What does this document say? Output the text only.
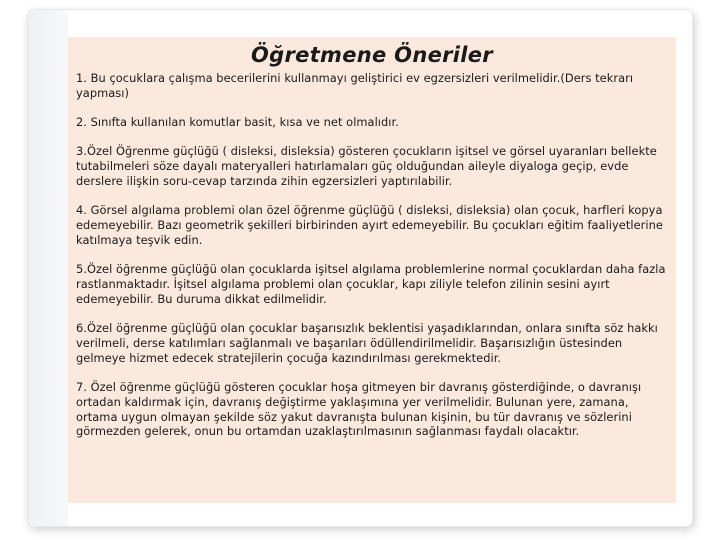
Öğretmene Öneriler

1. Bu çocuklara çalışma becerilerini kullanmayı geliştirici ev egzersizleri verilmelidir.(Ders tekrarı yapması)

2. Sınıfta kullanılan komutlar basit, kısa ve net olmalıdır.

3.Özel Öğrenme güçlüğü ( disleksi, disleksia) gösteren çocukların işitsel ve görsel uyaranları bellekte tutabilmeleri söze dayalı materyalleri hatırlamaları güç olduğundan aileyle diyaloga geçip, evde derslere ilişkin soru-cevap tarzında zihin egzersizleri yaptırılabilir.

4. Görsel algılama problemi olan özel öğrenme güçlüğü ( disleksi, disleksia) olan çocuk, harfleri kopya edemeyebilir. Bazı geometrik şekilleri birbirinden ayırt edemeyebilir. Bu çocukları eğitim faaliyetlerine katılmaya teşvik edin.

5.Özel öğrenme güçlüğü olan çocuklarda işitsel algılama problemlerine normal çocuklardan daha fazla rastlanmaktadır. İşitsel algılama problemi olan çocuklar, kapı ziliyle telefon zilinin sesini ayırt edemeyebilir. Bu duruma dikkat edilmelidir.

6.Özel öğrenme güçlüğü olan çocuklar başarısızlık beklentisi yaşadıklarından, onlara sınıfta söz hakkı verilmeli, derse katılımları sağlanmalı ve başarıları ödüllendirilmelidir. Başarısızlığın üstesinden gelmeye hizmet edecek stratejilerin çocuğa kazındırılması gerekmektedir.

7. Özel öğrenme güçlüğü gösteren çocuklar hoşa gitmeyen bir davranış gösterdiğinde, o davranışı ortadan kaldırmak için, davranış değiştirme yaklaşımına yer verilmelidir. Bulunan yere, zamana, ortama uygun olmayan şekilde söz yakut davranışta bulunan kişinin, bu tür davranış ve sözlerini görmezden gelerek, onun bu ortamdan uzaklaştırılmasının sağlanması faydalı olacaktır.
